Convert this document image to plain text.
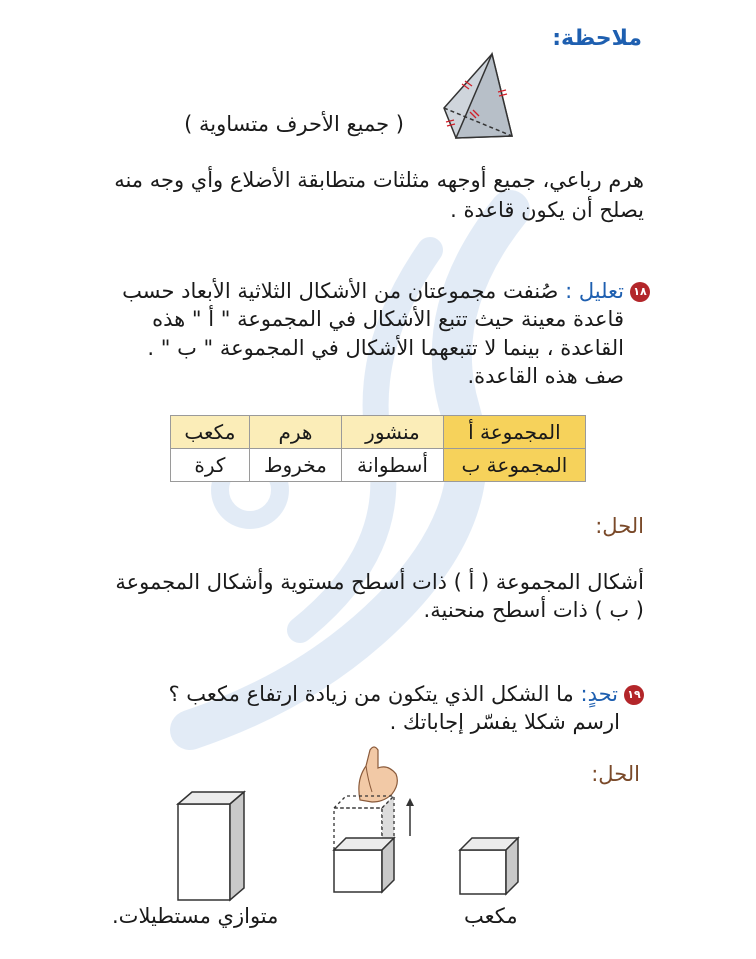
ملاحظة:
( جميع الأحرف متساوية )
هرم رباعي، جميع أوجهه مثلثات متطابقة الأضلاع وأي وجه منه
يصلح أن يكون قاعدة .
١٨تعليل : صُنفت مجموعتان من الأشكال الثلاثية الأبعاد حسب
قاعدة معينة حيث تتبع الأشكال في المجموعة " أ " هذه
القاعدة ، بينما لا تتبعهما الأشكال في المجموعة " ب " .
صف هذه القاعدة.
المجموعة أ	منشور	هرم	مكعب
المجموعة ب	أسطوانة	مخروط	كرة
الحل:
أشكال المجموعة ( أ ) ذات أسطح مستوية وأشكال المجموعة
( ب ) ذات أسطح منحنية.
١٩تحدٍ: ما الشكل الذي يتكون من زيادة ارتفاع مكعب ؟
ارسم شكلا يفسّر إجاباتك .
الحل:
متوازي مستطيلات.	مكعب
